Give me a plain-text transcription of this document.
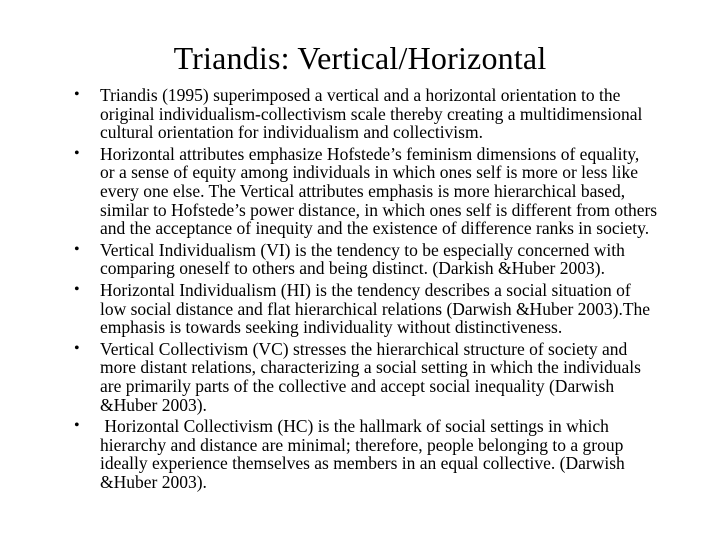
Triandis: Vertical/Horizontal
• Triandis (1995) superimposed a vertical and a horizontal orientation to the original individualism-collectivism scale thereby creating a multidimensional cultural orientation for individualism and collectivism.
• Horizontal attributes emphasize Hofstede’s feminism dimensions of equality, or a sense of equity among individuals in which ones self is more or less like every one else. The Vertical attributes emphasis is more hierarchical based, similar to Hofstede’s power distance, in which ones self is different from others and the acceptance of inequity and the existence of difference ranks in society.
• Vertical Individualism (VI) is the tendency to be especially concerned with comparing oneself to others and being distinct. (Darkish &Huber 2003).
• Horizontal Individualism (HI) is the tendency describes a social situation of low social distance and flat hierarchical relations (Darwish &Huber 2003).The emphasis is towards seeking individuality without distinctiveness.
• Vertical Collectivism (VC) stresses the hierarchical structure of society and more distant relations, characterizing a social setting in which the individuals are primarily parts of the collective and accept social inequality (Darwish &Huber 2003).
•  Horizontal Collectivism (HC) is the hallmark of social settings in which hierarchy and distance are minimal; therefore, people belonging to a group ideally experience themselves as members in an equal collective. (Darwish &Huber 2003).
